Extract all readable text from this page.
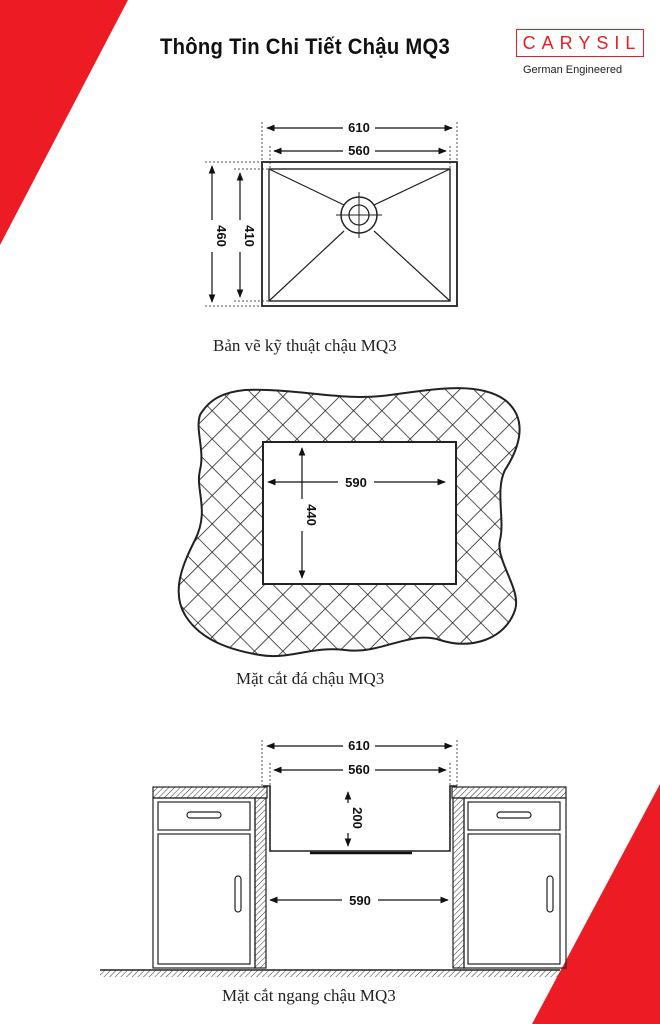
Thông Tin Chi Tiết Chậu MQ3	CARYSIL
German Engineered
610
560
460 410
590
440
610
560
200
590
Bản vẽ kỹ thuật chậu MQ3
Mặt cắt đá chậu MQ3
Mặt cắt ngang chậu MQ3
